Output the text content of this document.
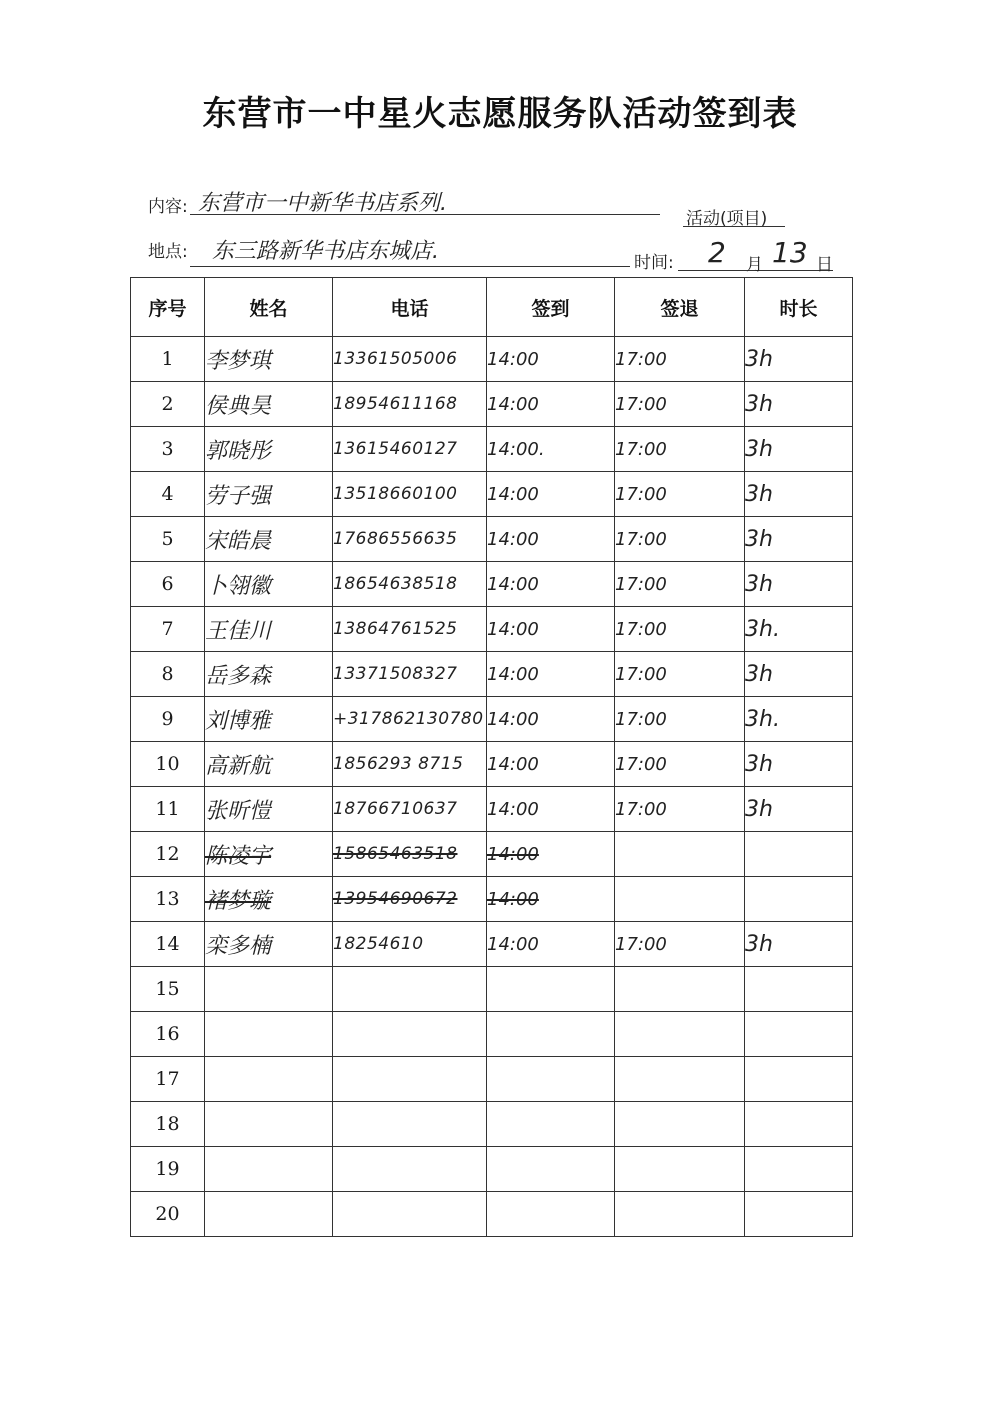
东营市一中星火志愿服务队活动签到表
内容: 东营市一中新华书店系列.
活动(项目)
地点: 东三路新华书店东城店.	时间: 2 月 13 日
序号	姓名	电话	签到	签退	时长
1	李梦琪	13361505006	14:00	17:00	3h
2	侯典昊	18954611168	14:00	17:00	3h
3	郭晓彤	13615460127	14:00.	17:00	3h
4	劳子强	13518660100	14:00	17:00	3h
5	宋皓晨	17686556635	14:00	17:00	3h
6	卜翎徽	18654638518	14:00	17:00	3h
7	王佳川	13864761525	14:00	17:00	3h.
8	岳多森	13371508327	14:00	17:00	3h
9	刘博雅	+317862130780	14:00	17:00	3h.
10	高新航	1856293 8715	14:00	17:00	3h
11	张昕愷	18766710637	14:00	17:00	3h
12	陈凌宇	15865463518	14:00		
13	褚梦璇	13954690672	14:00		
14	栾多楠	18254610	14:00	17:00	3h
15					
16					
17					
18					
19					
20					
